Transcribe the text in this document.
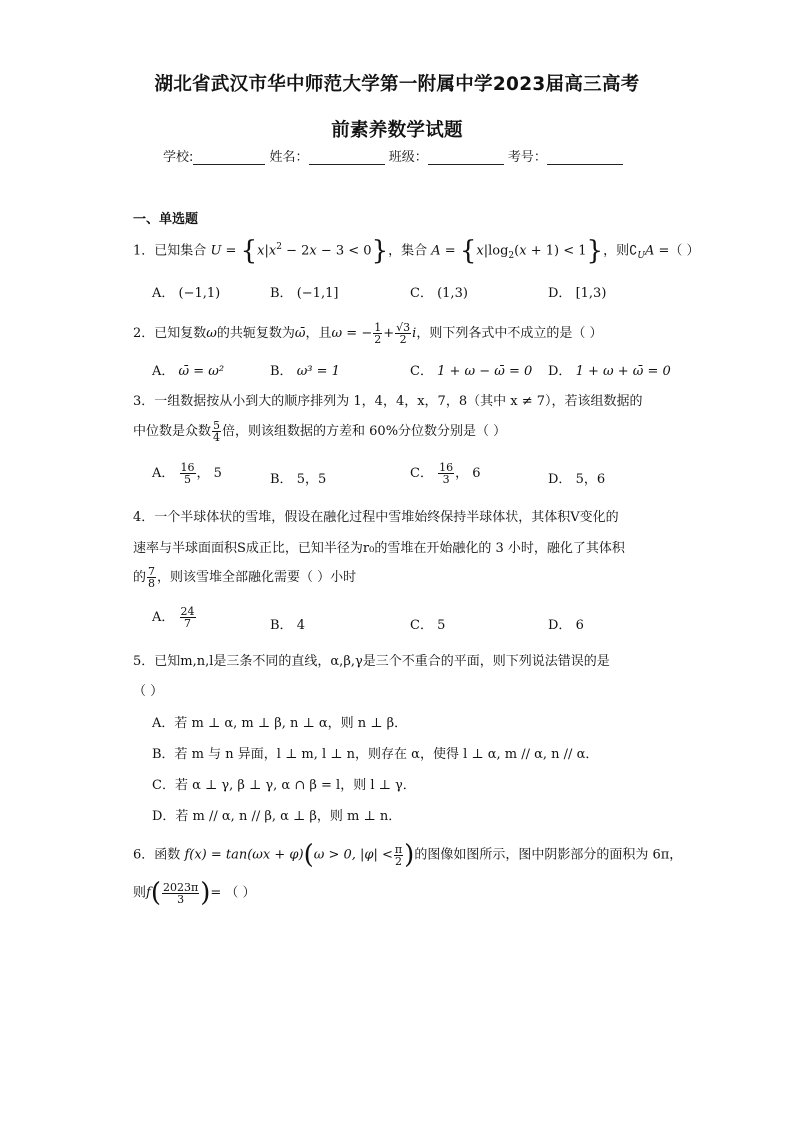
湖北省武汉市华中师范大学第一附属中学2023届高三高考
前素养数学试题
学校:	姓名：	班级：	考号：
一、单选题
1．已知集合 $U = \{x|x^2 - 2x - 3 < 0\}$，集合 $A = \{x|\log_2(x + 1) < 1\}$，则$∁_UA$ =（ ）
A． (−1,1)	B． (−1,1]	C． (1,3)	D． [1,3)
2．已知复数ω的共轭复数为ω̄，且ω = − $\frac{1}{2} + \frac{√3}{2}$ i，则下列各式中不成立的是（ ）
A． ω̄ = ω²	B． ω³ = 1	C． 1 + ω − ω̄ = 0 D． 1 + ω + ω̄ = 0
3．一组数据按从小到大的顺序排列为 1，4，4，x，7，8（其中 x ≠ 7），若该组数据的
中位数是众数 $\frac{5}{4}$ 倍，则该组数据的方差和 60%分位数分别是（ ）
A． $\frac{16}{5}$ ， 5	B． 5，5	C． $\frac{16}{3}$ ， 6	D． 5，6
4．一个半球体状的雪堆，假设在融化过程中雪堆始终保持半球体状，其体积V变化的
速率与半球面面积S成正比，已知半径为r₀的雪堆在开始融化的 3 小时，融化了其体积
的 $\frac{7}{8}$ ，则该雪堆全部融化需要（ ）小时
A． $\frac{24}{7}$	B． 4	C． 5	D． 6
5．已知m,n,l是三条不同的直线，α,β,γ是三个不重合的平面，则下列说法错误的是
（ ）
A．若 m ⊥ α, m ⊥ β, n ⊥ α，则 n ⊥ β．
B．若 m 与 n 异面，l ⊥ m, l ⊥ n，则存在 α，使得 l ⊥ α, m // α, n // α．
C．若 α ⊥ γ, β ⊥ γ, α ∩ β = l，则 l ⊥ γ．
D．若 m // α, n // β, α ⊥ β，则 m ⊥ n．
6．函数 f(x) = tan(ωx + φ)(ω > 0, $|\varphi| < \frac{\pi}{2}$ )的图像如图所示，图中阴影部分的面积为 6π，
则$f( \frac{2023\pi}{3}$ )= （ ）
